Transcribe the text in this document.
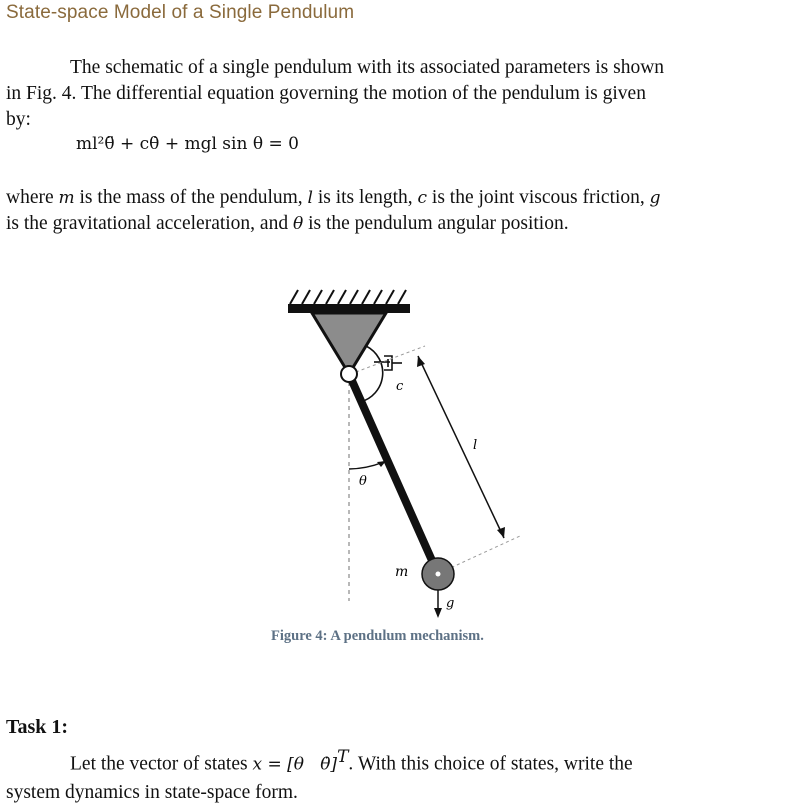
State-space Model of a Single Pendulum

The schematic of a single pendulum with its associated parameters is shown

in Fig. 4. The differential equation governing the motion of the pendulum is given

by:

ml²θ̈ + cθ̇ + mgl sin θ = 0

where m is the mass of the pendulum, l is its length, c is the joint viscous friction, g

is the gravitational acceleration, and θ is the pendulum angular position.

c
l
θ
m
g
Figure 4: A pendulum mechanism.
Task 1:
Let the vector of states x = [θ   θ̇]$^T$. With this choice of states, write the
system dynamics in state-space form.
